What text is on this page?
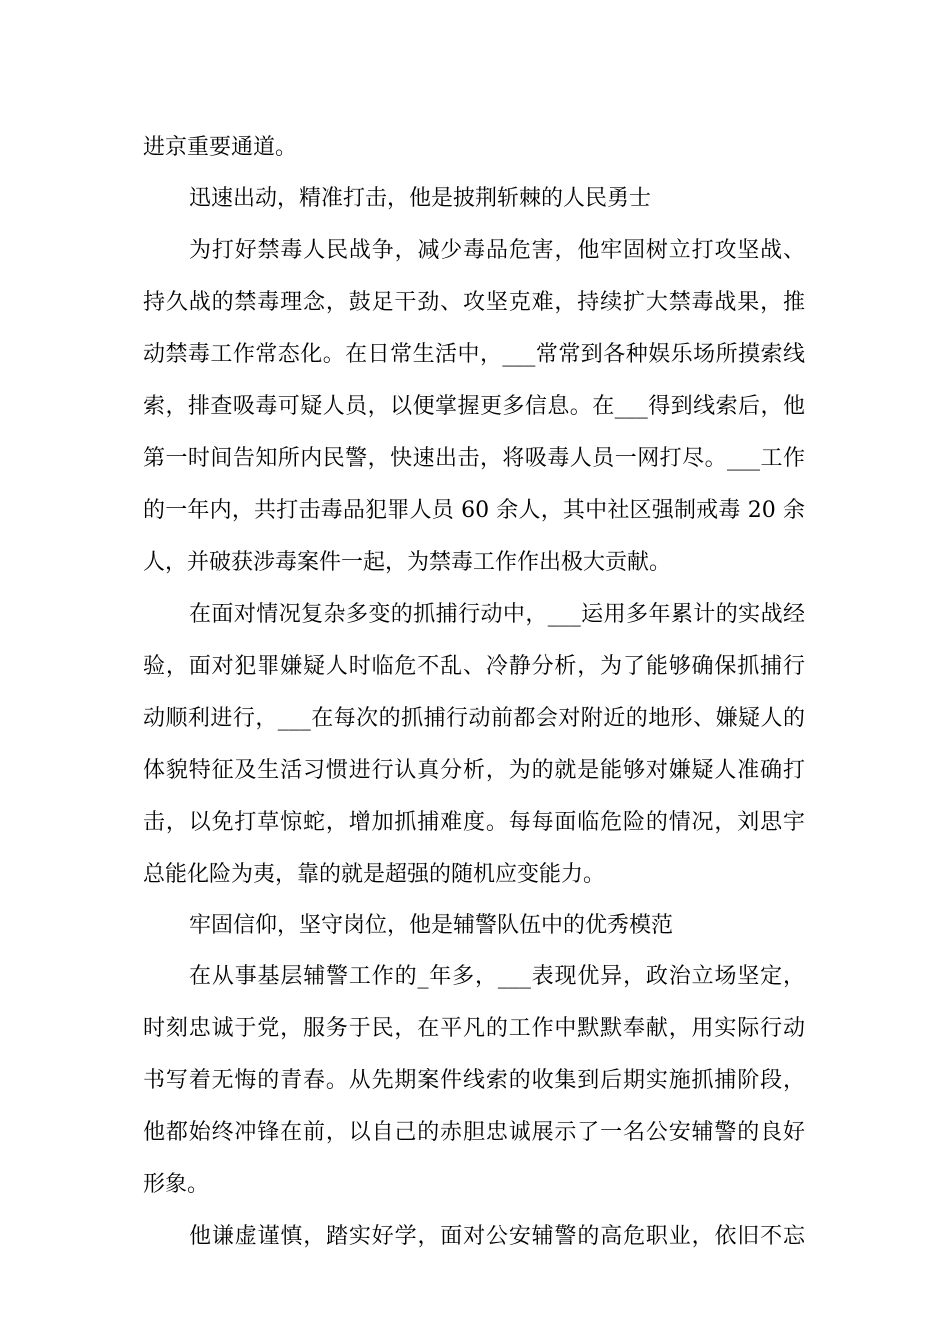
进京重要通道。
迅速出动，精准打击，他是披荆斩棘的人民勇士
为打好禁毒人民战争，减少毒品危害，他牢固树立打攻坚战、
持久战的禁毒理念，鼓足干劲、攻坚克难，持续扩大禁毒战果，推
动禁毒工作常态化。在日常生活中，___常常到各种娱乐场所摸索线
索，排查吸毒可疑人员，以便掌握更多信息。在___得到线索后，他
第一时间告知所内民警，快速出击，将吸毒人员一网打尽。___工作
的一年内，共打击毒品犯罪人员 60 余人，其中社区强制戒毒 20 余
人，并破获涉毒案件一起，为禁毒工作作出极大贡献。
在面对情况复杂多变的抓捕行动中，___运用多年累计的实战经
验，面对犯罪嫌疑人时临危不乱、冷静分析，为了能够确保抓捕行
动顺利进行，___在每次的抓捕行动前都会对附近的地形、嫌疑人的
体貌特征及生活习惯进行认真分析，为的就是能够对嫌疑人准确打
击，以免打草惊蛇，增加抓捕难度。每每面临危险的情况，刘思宇
总能化险为夷，靠的就是超强的随机应变能力。
牢固信仰，坚守岗位，他是辅警队伍中的优秀模范
在从事基层辅警工作的_年多，___表现优异，政治立场坚定，
时刻忠诚于党，服务于民，在平凡的工作中默默奉献，用实际行动
书写着无悔的青春。从先期案件线索的收集到后期实施抓捕阶段，
他都始终冲锋在前，以自己的赤胆忠诚展示了一名公安辅警的良好
形象。
他谦虚谨慎，踏实好学，面对公安辅警的高危职业，依旧不忘
